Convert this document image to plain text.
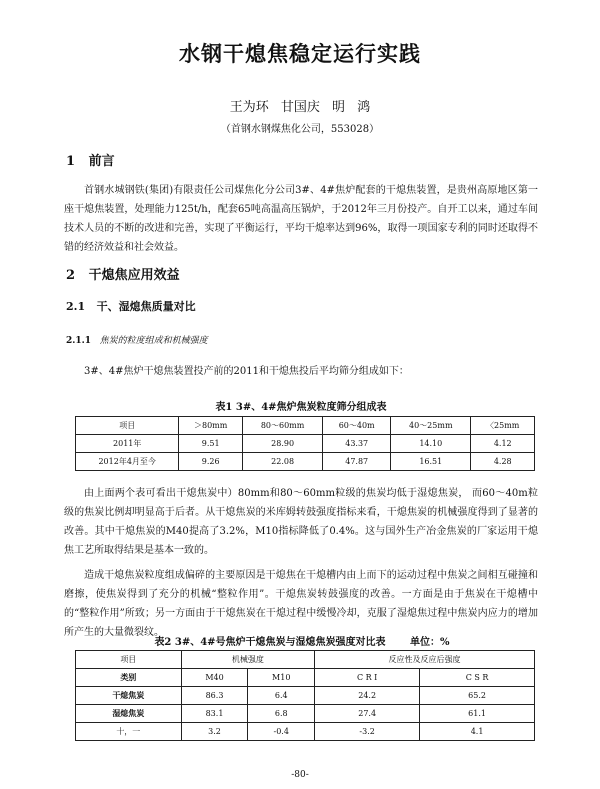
水钢干熄焦稳定运行实践
王为环 甘国庆 明 鸿
（首钢水钢煤焦化公司，553028）
1 前言
首钢水城钢铁(集团)有限责任公司煤焦化分公司3#、4#焦炉配套的干熄焦装置，是贵州高原地区第一座干熄焦装置，处理能力125t/h，配套65吨高温高压锅炉，于2012年三月份投产。自开工以来，通过车间技术人员的不断的改进和完善，实现了平衡运行，平均干熄率达到96%，取得一项国家专利的同时还取得不错的经济效益和社会效益。
2 干熄焦应用效益
2.1 干、湿熄焦质量对比
2.1.1 焦炭的粒度组成和机械强度
3#、4#焦炉干熄焦装置投产前的2011和干熄焦投后平均筛分组成如下：
表1 3#、4#焦炉焦炭粒度筛分组成表
项目	＞80mm	80～60mm	60～40m	40～25mm	〈25mm
2011年	9.51	28.90	43.37	14.10	4.12
2012年4月至今	9.26	22.08	47.87	16.51	4.28
由上面两个表可看出干熄焦炭中）80mm和80～60mm粒级的焦炭均低于湿熄焦炭， 而60～40m粒级的焦炭比例却明显高于后者。从干熄焦炭的米库姆转鼓强度指标来看，干熄焦炭的机械强度得到了显著的改善。其中干熄焦炭的M40提高了3.2%，M10指标降低了0.4%。这与国外生产冶金焦炭的厂家运用干熄焦工艺所取得结果是基本一致的。
造成干熄焦炭粒度组成偏碎的主要原因是干熄焦在干熄槽内由上而下的运动过程中焦炭之间相互碰撞和磨擦，使焦炭得到了充分的机械“整粒作用”。干熄焦炭转鼓强度的改善。一方面是由于焦炭在干熄槽中的“整粒作用”所致；另一方面由于干熄焦炭在干熄过程中缓慢冷却，克服了湿熄焦过程中焦炭内应力的增加所产生的大量微裂纹。
表2 3#、4#号焦炉干熄焦炭与湿熄焦炭强度对比表	单位：%
项目	机械强度		反应性及反应后强度	
类别	M40	M10	C R I	C S R
干熄焦炭	86.3	6.4	24.2	65.2
湿熄焦炭	83.1	6.8	27.4	61.1
十，一	3.2	-0.4	-3.2	4.1
-80-
